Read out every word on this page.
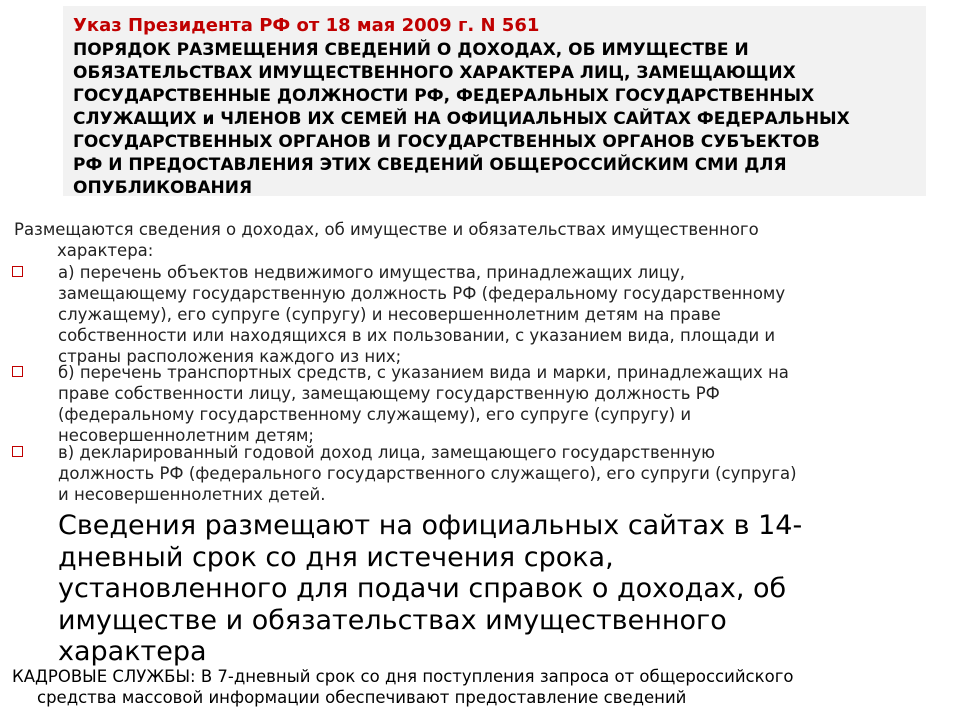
Указ Президента РФ от 18 мая 2009 г. N 561
ПОРЯДОК РАЗМЕЩЕНИЯ СВЕДЕНИЙ О ДОХОДАХ, ОБ ИМУЩЕСТВЕ И
ОБЯЗАТЕЛЬСТВАХ ИМУЩЕСТВЕННОГО ХАРАКТЕРА ЛИЦ, ЗАМЕЩАЮЩИХ
ГОСУДАРСТВЕННЫЕ ДОЛЖНОСТИ РФ, ФЕДЕРАЛЬНЫХ ГОСУДАРСТВЕННЫХ
СЛУЖАЩИХ и ЧЛЕНОВ ИХ СЕМЕЙ НА ОФИЦИАЛЬНЫХ САЙТАХ ФЕДЕРАЛЬНЫХ
ГОСУДАРСТВЕННЫХ ОРГАНОВ И ГОСУДАРСТВЕННЫХ ОРГАНОВ СУБЪЕКТОВ
РФ И ПРЕДОСТАВЛЕНИЯ ЭТИХ СВЕДЕНИЙ ОБЩЕРОССИЙСКИМ СМИ ДЛЯ
ОПУБЛИКОВАНИЯ
Размещаются сведения о доходах, об имуществе и обязательствах имущественного
характера:
а) перечень объектов недвижимого имущества, принадлежащих лицу,
замещающему государственную должность РФ (федеральному государственному
служащему), его супруге (супругу) и несовершеннолетним детям на праве
собственности или находящихся в их пользовании, с указанием вида, площади и
страны расположения каждого из них;
б) перечень транспортных средств, с указанием вида и марки, принадлежащих на
праве собственности лицу, замещающему государственную должность РФ
(федеральному государственному служащему), его супруге (супругу) и
несовершеннолетним детям;
в) декларированный годовой доход лица, замещающего государственную
должность РФ (федерального государственного служащего), его супруги (супруга)
и несовершеннолетних детей.
Сведения размещают на официальных сайтах в 14-
дневный срок со дня истечения срока,
установленного для подачи справок о доходах, об
имуществе и обязательствах имущественного
характера
КАДРОВЫЕ СЛУЖБЫ: В 7-дневный срок со дня поступления запроса от общероссийского
средства массовой информации обеспечивают предоставление сведений
